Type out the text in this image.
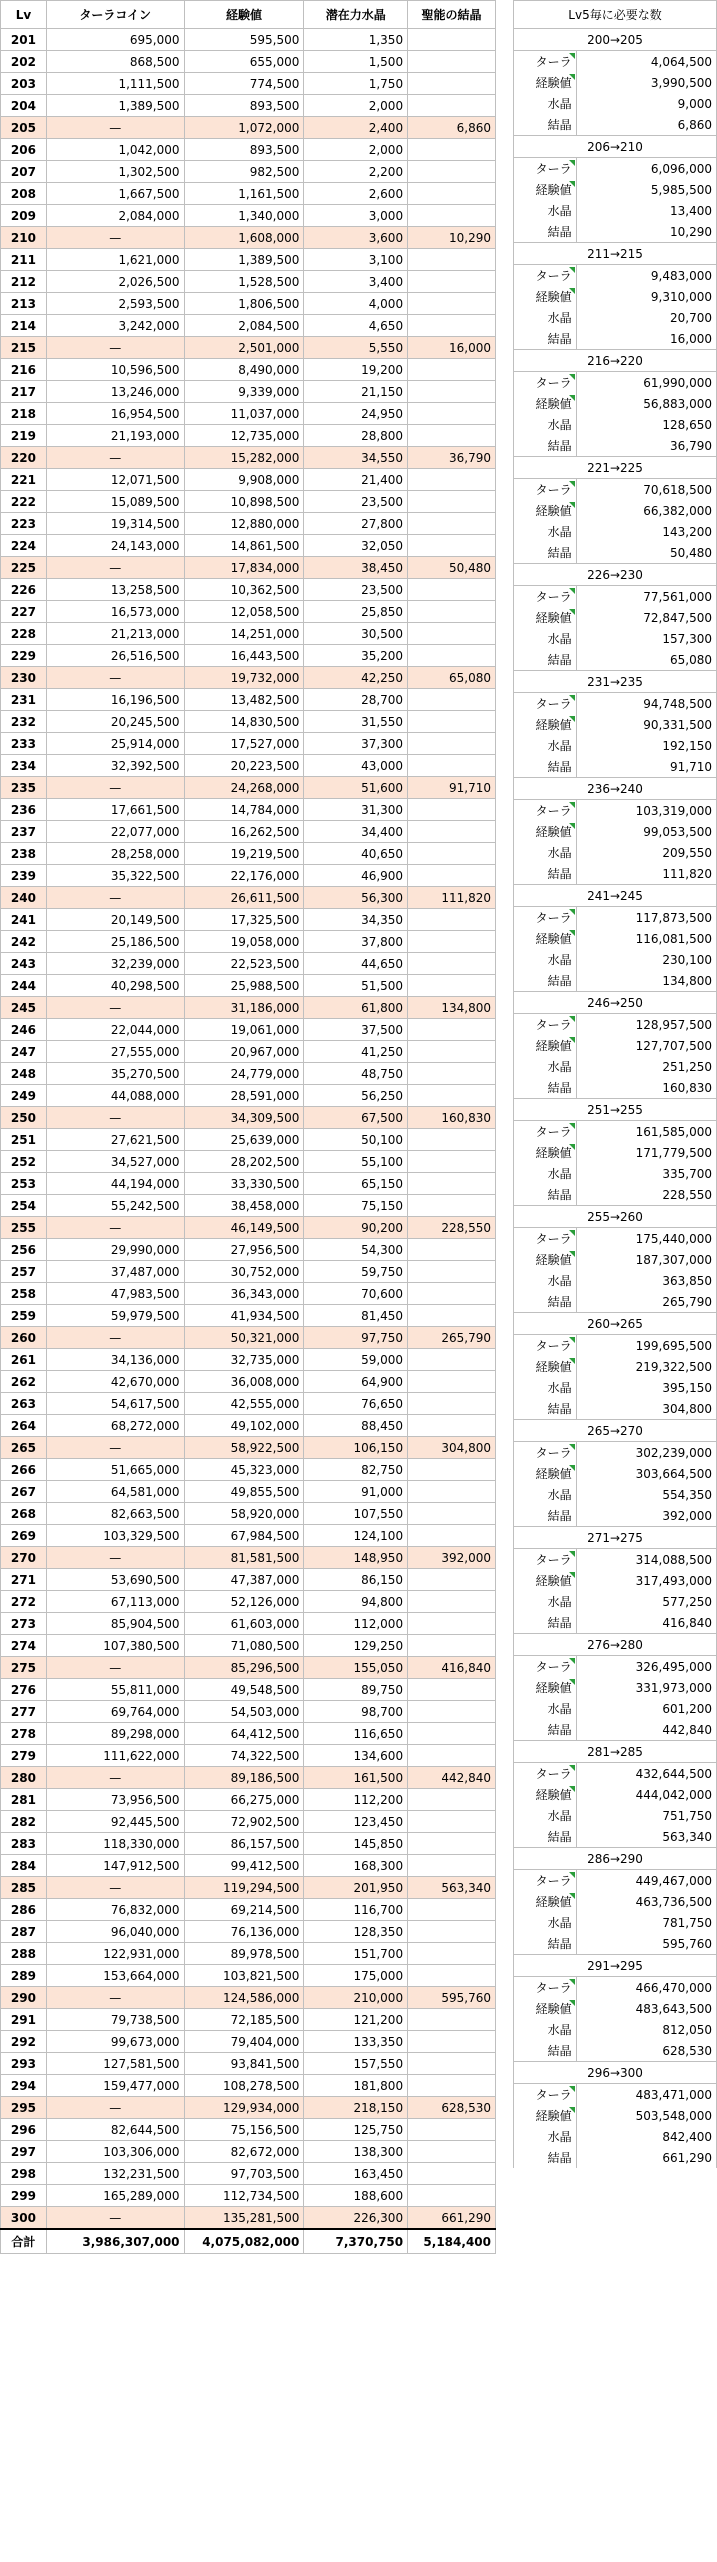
Lv	ターラコイン	経験値	潜在力水晶	聖能の結晶
201	695,000	595,500	1,350	
202	868,500	655,000	1,500	
203	1,111,500	774,500	1,750	
204	1,389,500	893,500	2,000	
205	—	1,072,000	2,400	6,860
206	1,042,000	893,500	2,000	
207	1,302,500	982,500	2,200	
208	1,667,500	1,161,500	2,600	
209	2,084,000	1,340,000	3,000	
210	—	1,608,000	3,600	10,290
211	1,621,000	1,389,500	3,100	
212	2,026,500	1,528,500	3,400	
213	2,593,500	1,806,500	4,000	
214	3,242,000	2,084,500	4,650	
215	—	2,501,000	5,550	16,000
216	10,596,500	8,490,000	19,200	
217	13,246,000	9,339,000	21,150	
218	16,954,500	11,037,000	24,950	
219	21,193,000	12,735,000	28,800	
220	—	15,282,000	34,550	36,790
221	12,071,500	9,908,000	21,400	
222	15,089,500	10,898,500	23,500	
223	19,314,500	12,880,000	27,800	
224	24,143,000	14,861,500	32,050	
225	—	17,834,000	38,450	50,480
226	13,258,500	10,362,500	23,500	
227	16,573,000	12,058,500	25,850	
228	21,213,000	14,251,000	30,500	
229	26,516,500	16,443,500	35,200	
230	—	19,732,000	42,250	65,080
231	16,196,500	13,482,500	28,700	
232	20,245,500	14,830,500	31,550	
233	25,914,000	17,527,000	37,300	
234	32,392,500	20,223,500	43,000	
235	—	24,268,000	51,600	91,710
236	17,661,500	14,784,000	31,300	
237	22,077,000	16,262,500	34,400	
238	28,258,000	19,219,500	40,650	
239	35,322,500	22,176,000	46,900	
240	—	26,611,500	56,300	111,820
241	20,149,500	17,325,500	34,350	
242	25,186,500	19,058,000	37,800	
243	32,239,000	22,523,500	44,650	
244	40,298,500	25,988,500	51,500	
245	—	31,186,000	61,800	134,800
246	22,044,000	19,061,000	37,500	
247	27,555,000	20,967,000	41,250	
248	35,270,500	24,779,000	48,750	
249	44,088,000	28,591,000	56,250	
250	—	34,309,500	67,500	160,830
251	27,621,500	25,639,000	50,100	
252	34,527,000	28,202,500	55,100	
253	44,194,000	33,330,500	65,150	
254	55,242,500	38,458,000	75,150	
255	—	46,149,500	90,200	228,550
256	29,990,000	27,956,500	54,300	
257	37,487,000	30,752,000	59,750	
258	47,983,500	36,343,000	70,600	
259	59,979,500	41,934,500	81,450	
260	—	50,321,000	97,750	265,790
261	34,136,000	32,735,000	59,000	
262	42,670,000	36,008,000	64,900	
263	54,617,500	42,555,000	76,650	
264	68,272,000	49,102,000	88,450	
265	—	58,922,500	106,150	304,800
266	51,665,000	45,323,000	82,750	
267	64,581,000	49,855,500	91,000	
268	82,663,500	58,920,000	107,550	
269	103,329,500	67,984,500	124,100	
270	—	81,581,500	148,950	392,000
271	53,690,500	47,387,000	86,150	
272	67,113,000	52,126,000	94,800	
273	85,904,500	61,603,000	112,000	
274	107,380,500	71,080,500	129,250	
275	—	85,296,500	155,050	416,840
276	55,811,000	49,548,500	89,750	
277	69,764,000	54,503,000	98,700	
278	89,298,000	64,412,500	116,650	
279	111,622,000	74,322,500	134,600	
280	—	89,186,500	161,500	442,840
281	73,956,500	66,275,000	112,200	
282	92,445,500	72,902,500	123,450	
283	118,330,000	86,157,500	145,850	
284	147,912,500	99,412,500	168,300	
285	—	119,294,500	201,950	563,340
286	76,832,000	69,214,500	116,700	
287	96,040,000	76,136,000	128,350	
288	122,931,000	89,978,500	151,700	
289	153,664,000	103,821,500	175,000	
290	—	124,586,000	210,000	595,760
291	79,738,500	72,185,500	121,200	
292	99,673,000	79,404,000	133,350	
293	127,581,500	93,841,500	157,550	
294	159,477,000	108,278,500	181,800	
295	—	129,934,000	218,150	628,530
296	82,644,500	75,156,500	125,750	
297	103,306,000	82,672,000	138,300	
298	132,231,500	97,703,500	163,450	
299	165,289,000	112,734,500	188,600	
300	—	135,281,500	226,300	661,290
合計	3,986,307,000	4,075,082,000	7,370,750	5,184,400
Lv5毎に必要な数	
200→205	
ターラ	4,064,500
経験値	3,990,500
水晶	9,000
結晶	6,860
206→210	
ターラ	6,096,000
経験値	5,985,500
水晶	13,400
結晶	10,290
211→215	
ターラ	9,483,000
経験値	9,310,000
水晶	20,700
結晶	16,000
216→220	
ターラ	61,990,000
経験値	56,883,000
水晶	128,650
結晶	36,790
221→225	
ターラ	70,618,500
経験値	66,382,000
水晶	143,200
結晶	50,480
226→230	
ターラ	77,561,000
経験値	72,847,500
水晶	157,300
結晶	65,080
231→235	
ターラ	94,748,500
経験値	90,331,500
水晶	192,150
結晶	91,710
236→240	
ターラ	103,319,000
経験値	99,053,500
水晶	209,550
結晶	111,820
241→245	
ターラ	117,873,500
経験値	116,081,500
水晶	230,100
結晶	134,800
246→250	
ターラ	128,957,500
経験値	127,707,500
水晶	251,250
結晶	160,830
251→255	
ターラ	161,585,000
経験値	171,779,500
水晶	335,700
結晶	228,550
255→260	
ターラ	175,440,000
経験値	187,307,000
水晶	363,850
結晶	265,790
260→265	
ターラ	199,695,500
経験値	219,322,500
水晶	395,150
結晶	304,800
265→270	
ターラ	302,239,000
経験値	303,664,500
水晶	554,350
結晶	392,000
271→275	
ターラ	314,088,500
経験値	317,493,000
水晶	577,250
結晶	416,840
276→280	
ターラ	326,495,000
経験値	331,973,000
水晶	601,200
結晶	442,840
281→285	
ターラ	432,644,500
経験値	444,042,000
水晶	751,750
結晶	563,340
286→290	
ターラ	449,467,000
経験値	463,736,500
水晶	781,750
結晶	595,760
291→295	
ターラ	466,470,000
経験値	483,643,500
水晶	812,050
結晶	628,530
296→300	
ターラ	483,471,000
経験値	503,548,000
水晶	842,400
結晶	661,290
